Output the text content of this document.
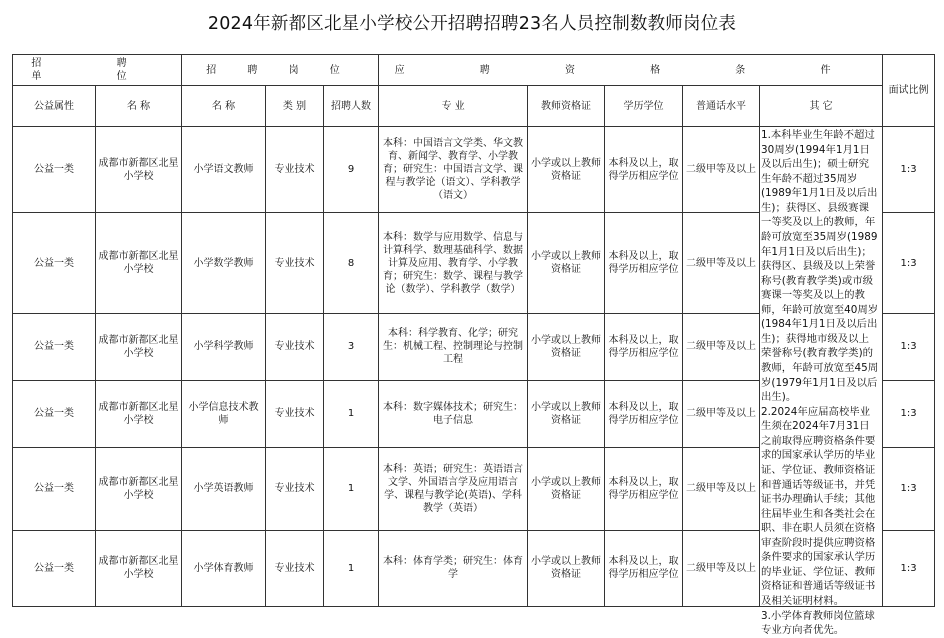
2024年新都区北星小学校公开招聘招聘23名人员控制数教师岗位表
招 聘 单 位		招 聘 岗 位			应 聘 资 格 条 件					面试比例
公益属性	名 称	名 称	类 别	招聘人数	专 业	教师资格证	学历学位	普通话水平	其 它	
公益一类	成都市新都区北星小学校	小学语文教师	专业技术	9	本科：中国语言文学类、华文教育、新闻学、教育学、小学教育；研究生：中国语言文学、课程与教学论（语文）、学科教学（语文）	小学或以上教师资格证	本科及以上，取得学历相应学位	二级甲等及以上		1:3
公益一类	成都市新都区北星小学校	小学数学教师	专业技术	8	本科：数学与应用数学、信息与计算科学、数理基础科学、数据计算及应用、教育学、小学教育；研究生：数学、课程与教学论（数学）、学科教学（数学）	小学或以上教师资格证	本科及以上，取得学历相应学位	二级甲等及以上		1:3
公益一类	成都市新都区北星小学校	小学科学教师	专业技术	3	本科：科学教育、化学；研究生：机械工程、控制理论与控制工程	小学或以上教师资格证	本科及以上，取得学历相应学位	二级甲等及以上		1:3
公益一类	成都市新都区北星小学校	小学信息技术教师	专业技术	1	本科：数字媒体技术；研究生：电子信息	小学或以上教师资格证	本科及以上，取得学历相应学位	二级甲等及以上		1:3
公益一类	成都市新都区北星小学校	小学英语教师	专业技术	1	本科：英语；研究生：英语语言文学、外国语言学及应用语言学、课程与教学论(英语)、学科教学（英语）	小学或以上教师资格证	本科及以上，取得学历相应学位	二级甲等及以上		1:3
公益一类	成都市新都区北星小学校	小学体育教师	专业技术	1	本科：体育学类；研究生：体育学	小学或以上教师资格证	本科及以上，取得学历相应学位	二级甲等及以上		1:3

1.本科毕业生年龄不超过30周岁(1994年1月1日及以后出生)；硕士研究生年龄不超过35周岁(1989年1月1日及以后出生)；获得区、县级赛课一等奖及以上的教师，年龄可放宽至35周岁(1989年1月1日及以后出生)；获得区、县级及以上荣誉称号(教育教学类)或市级赛课一等奖及以上的教师，年龄可放宽至40周岁(1984年1月1日及以后出生)；获得地市级及以上荣誉称号(教育教学类)的教师，年龄可放宽至45周岁(1979年1月1日及以后出生)。

2.2024年应届高校毕业生须在2024年7月31日之前取得应聘资格条件要求的国家承认学历的毕业证、学位证、教师资格证和普通话等级证书，并凭证书办理确认手续；其他往届毕业生和各类社会在职、非在职人员须在资格审查阶段时提供应聘资格条件要求的国家承认学历的毕业证、学位证、教师资格证和普通话等级证书及相关证明材料。

3.小学体育教师岗位篮球专业方向者优先。
